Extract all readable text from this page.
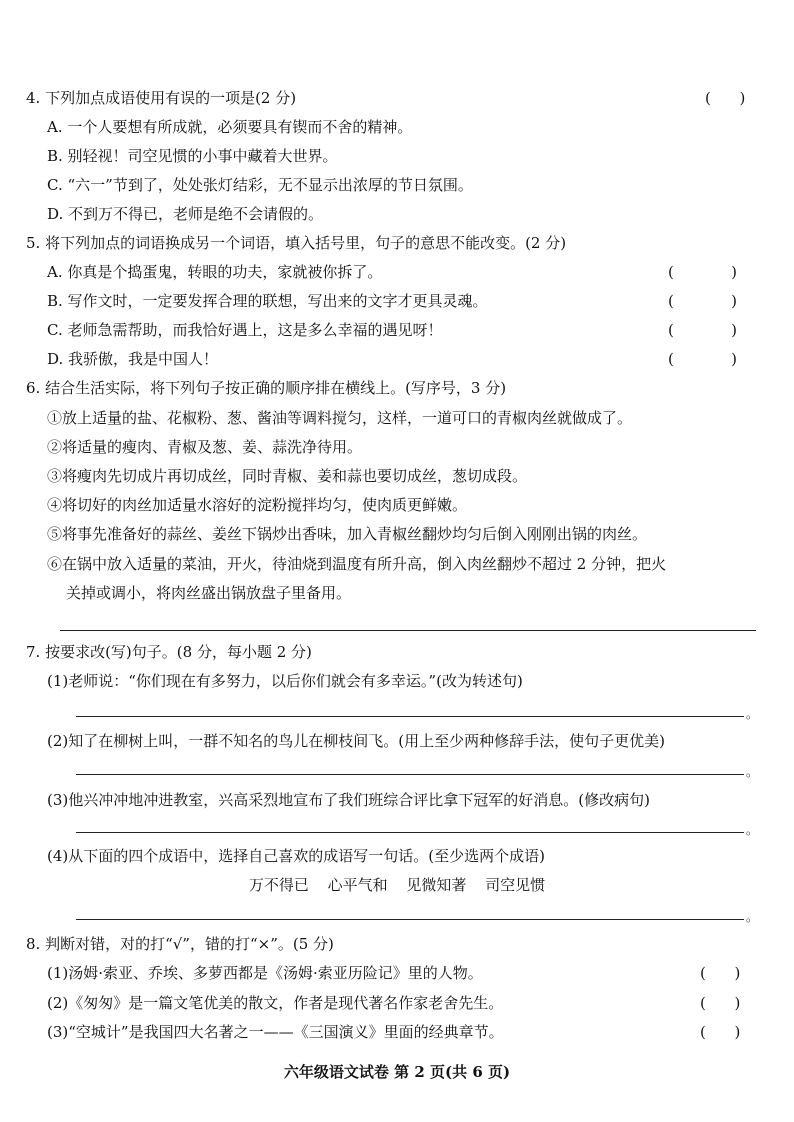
4. 下列加点成语使用有误的一项是(2 分)	(      )
A. 一个人要想有所成就，必须要具有锲而不舍的精神。
B. 别轻视！司空见惯的小事中藏着大世界。
C. “六一”节到了，处处张灯结彩，无不显示出浓厚的节日氛围。
D. 不到万不得已，老师是绝不会请假的。
5. 将下列加点的词语换成另一个词语，填入括号里，句子的意思不能改变。(2 分)
A. 你真是个捣蛋鬼，转眼的功夫，家就被你拆了。	(            )
B. 写作文时，一定要发挥合理的联想，写出来的文字才更具灵魂。	(            )
C. 老师急需帮助，而我恰好遇上，这是多么幸福的遇见呀！	(            )
D. 我骄傲，我是中国人！	(            )
6. 结合生活实际，将下列句子按正确的顺序排在横线上。(写序号，3 分)
①放上适量的盐、花椒粉、葱、酱油等调料搅匀，这样，一道可口的青椒肉丝就做成了。
②将适量的瘦肉、青椒及葱、姜、蒜洗净待用。
③将瘦肉先切成片再切成丝，同时青椒、姜和蒜也要切成丝，葱切成段。
④将切好的肉丝加适量水溶好的淀粉搅拌均匀，使肉质更鲜嫩。
⑤将事先准备好的蒜丝、姜丝下锅炒出香味，加入青椒丝翻炒均匀后倒入刚刚出锅的肉丝。
⑥在锅中放入适量的菜油，开火，待油烧到温度有所升高，倒入肉丝翻炒不超过 2 分钟，把火
关掉或调小，将肉丝盛出锅放盘子里备用。
7. 按要求改(写)句子。(8 分，每小题 2 分)
(1)老师说：“你们现在有多努力，以后你们就会有多幸运。”(改为转述句)
。
(2)知了在柳树上叫，一群不知名的鸟儿在柳枝间飞。(用上至少两种修辞手法，使句子更优美)
。
(3)他兴冲冲地冲进教室，兴高采烈地宣布了我们班综合评比拿下冠军的好消息。(修改病句)
。
(4)从下面的四个成语中，选择自己喜欢的成语写一句话。(至少选两个成语)
万不得已 心平气和 见微知著 司空见惯
。
8. 判断对错，对的打“√”，错的打“×”。(5 分)
(1)汤姆·索亚、乔埃、多萝西都是《汤姆·索亚历险记》里的人物。	(      )
(2)《匆匆》是一篇文笔优美的散文，作者是现代著名作家老舍先生。	(      )
(3)“空城计”是我国四大名著之一——《三国演义》里面的经典章节。	(      )
六年级语文试卷 第 2 页(共 6 页)
